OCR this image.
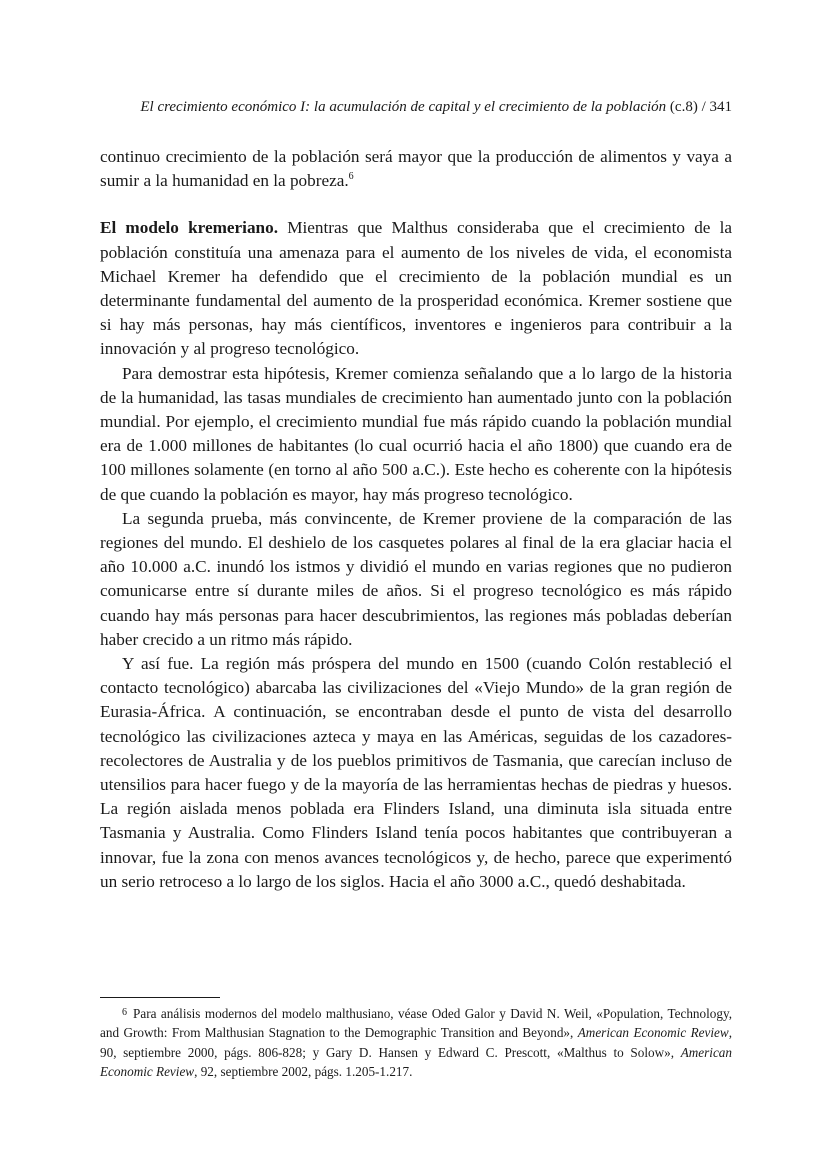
El crecimiento económico I: la acumulación de capital y el crecimiento de la población (c.8) / 341

continuo crecimiento de la población será mayor que la producción de alimentos y vaya a sumir a la humanidad en la pobreza.$^6$

El modelo kremeriano. Mientras que Malthus consideraba que el crecimiento de la población constituía una amenaza para el aumento de los niveles de vida, el economista Michael Kremer ha defendido que el crecimiento de la población mundial es un determinante fundamental del aumento de la prosperidad económica. Kremer sostiene que si hay más personas, hay más científicos, inventores e ingenieros para contribuir a la innovación y al progreso tecnológico.

Para demostrar esta hipótesis, Kremer comienza señalando que a lo largo de la historia de la humanidad, las tasas mundiales de crecimiento han aumentado junto con la población mundial. Por ejemplo, el crecimiento mundial fue más rápido cuando la población mundial era de 1.000 millones de habitantes (lo cual ocurrió hacia el año 1800) que cuando era de 100 millones solamente (en torno al año 500 a.C.). Este hecho es coherente con la hipótesis de que cuando la población es mayor, hay más progreso tecnológico.

La segunda prueba, más convincente, de Kremer proviene de la comparación de las regiones del mundo. El deshielo de los casquetes polares al final de la era glaciar hacia el año 10.000 a.C. inundó los istmos y dividió el mundo en varias regiones que no pudieron comunicarse entre sí durante miles de años. Si el progreso tecnológico es más rápido cuando hay más personas para hacer descubrimientos, las regiones más pobladas deberían haber crecido a un ritmo más rápido.

Y así fue. La región más próspera del mundo en 1500 (cuando Colón restableció el contacto tecnológico) abarcaba las civilizaciones del «Viejo Mundo» de la gran región de Eurasia-África. A continuación, se encontraban desde el punto de vista del desarrollo tecnológico las civilizaciones azteca y maya en las Américas, seguidas de los cazadores-recolectores de Australia y de los pueblos primitivos de Tasmania, que carecían incluso de utensilios para hacer fuego y de la mayoría de las herramientas hechas de piedras y huesos. La región aislada menos poblada era Flinders Island, una diminuta isla situada entre Tasmania y Australia. Como Flinders Island tenía pocos habitantes que contribuyeran a innovar, fue la zona con menos avances tecnológicos y, de hecho, parece que experimentó un serio retroceso a lo largo de los siglos. Hacia el año 3000 a.C., quedó deshabitada.

6 Para análisis modernos del modelo malthusiano, véase Oded Galor y David N. Weil, «Population, Technology, and Growth: From Malthusian Stagnation to the Demographic Transition and Beyond», American Economic Review, 90, septiembre 2000, págs. 806-828; y Gary D. Hansen y Edward C. Prescott, «Malthus to Solow», American Economic Review, 92, septiembre 2002, págs. 1.205-1.217.
